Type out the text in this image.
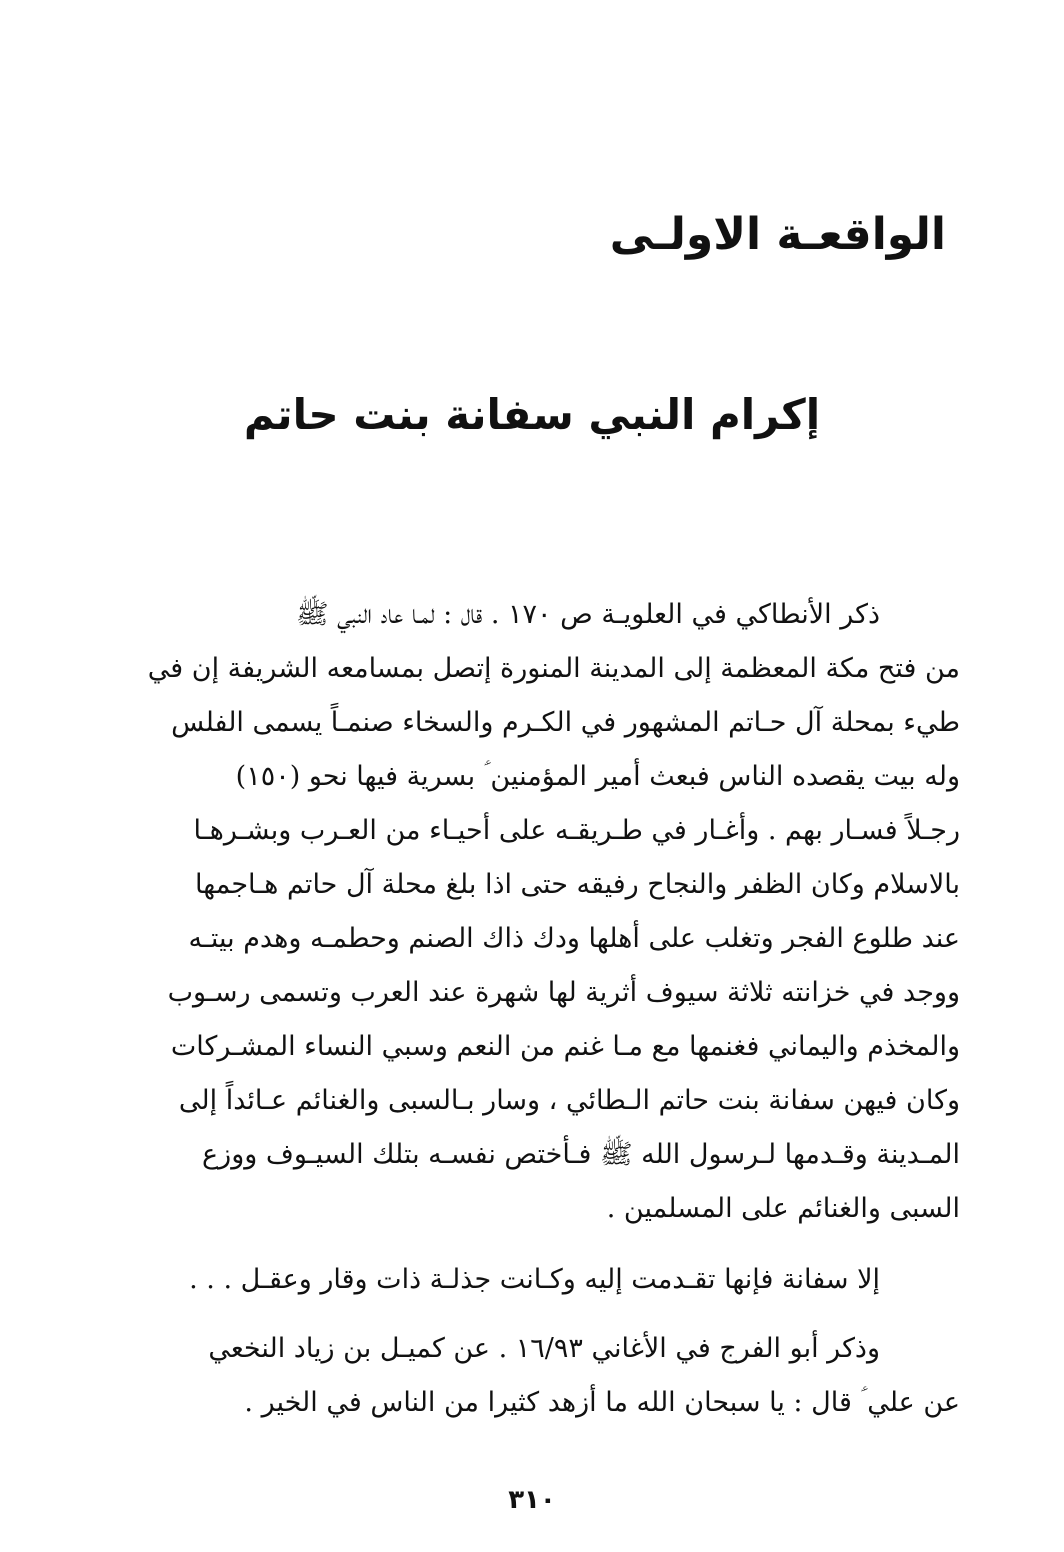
الواقعـة الاولـى
إكرام النبي سفانة بنت حاتم
ذكر الأنطاكي في العلويـة ص ١٧٠ . قال : لمـا عاد النبي ﷺ
من فتح مكة المعظمة إلى المدينة المنورة إتصل بمسامعه الشريفة إن في
طيء بمحلة آل حـاتم المشهور في الكـرم والسخاء صنمـاً يسمى الفلس
وله بيت يقصده الناس فبعث أمير المؤمنين ؑ بسرية فيها نحو (١٥٠)
رجـلاً فسـار بهم . وأغـار في طـريقـه على أحيـاء من العـرب وبشـرهـا
بالاسلام وكان الظفر والنجاح رفيقه حتى اذا بلغ محلة آل حاتم هـاجمها
عند طلوع الفجر وتغلب على أهلها ودك ذاك الصنم وحطمـه وهدم بيتـه
ووجد في خزانته ثلاثة سيوف أثرية لها شهرة عند العرب وتسمى رسـوب
والمخذم واليماني فغنمها مع مـا غنم من النعم وسبي النساء المشـركات
وكان فيهن سفانة بنت حاتم الـطائي ، وسار بـالسبى والغنائم عـائداً إلى
المـدينة وقـدمها لـرسول الله ﷺ فـأختص نفسـه بتلك السيـوف ووزع
السبى والغنائم على المسلمين .
إلا سفانة فإنها تقـدمت إليه وكـانت جذلـة ذات وقار وعقـل . . .
وذكر أبو الفرج في الأغاني ١٦/٩٣ . عن كميـل بن زياد النخعي
عن علي ؑ قال : يا سبحان الله ما أزهد كثيرا من الناس في الخير .
٣١٠
